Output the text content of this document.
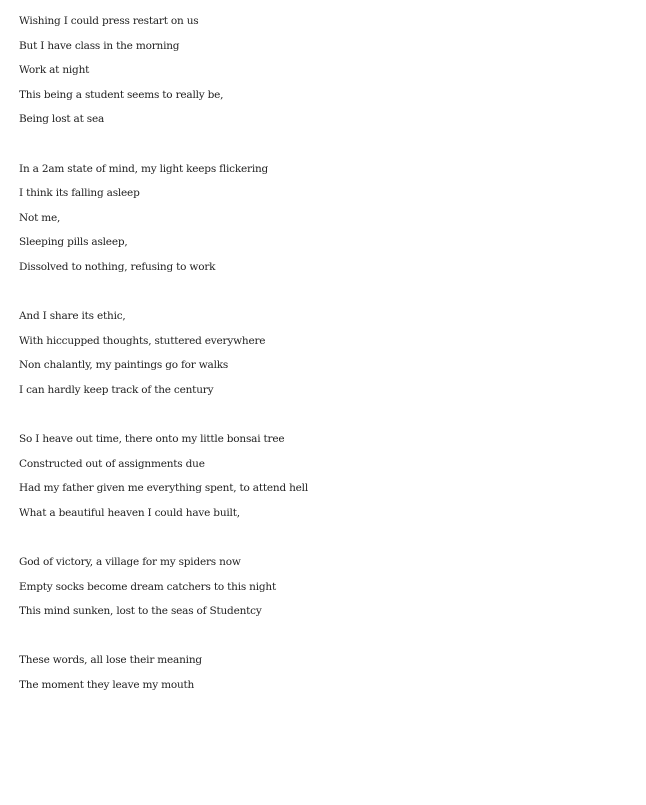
Wishing I could press restart on us
But I have class in the morning
Work at night
This being a student seems to really be,
Being lost at sea
In a 2am state of mind, my light keeps flickering
I think its falling asleep
Not me,
Sleeping pills asleep,
Dissolved to nothing, refusing to work
And I share its ethic,
With hiccupped thoughts, stuttered everywhere
Non chalantly, my paintings go for walks
I can hardly keep track of the century
So I heave out time, there onto my little bonsai tree
Constructed out of assignments due
Had my father given me everything spent, to attend hell
What a beautiful heaven I could have built,
God of victory, a village for my spiders now
Empty socks become dream catchers to this night
This mind sunken, lost to the seas of Studentcy
These words, all lose their meaning
The moment they leave my mouth
